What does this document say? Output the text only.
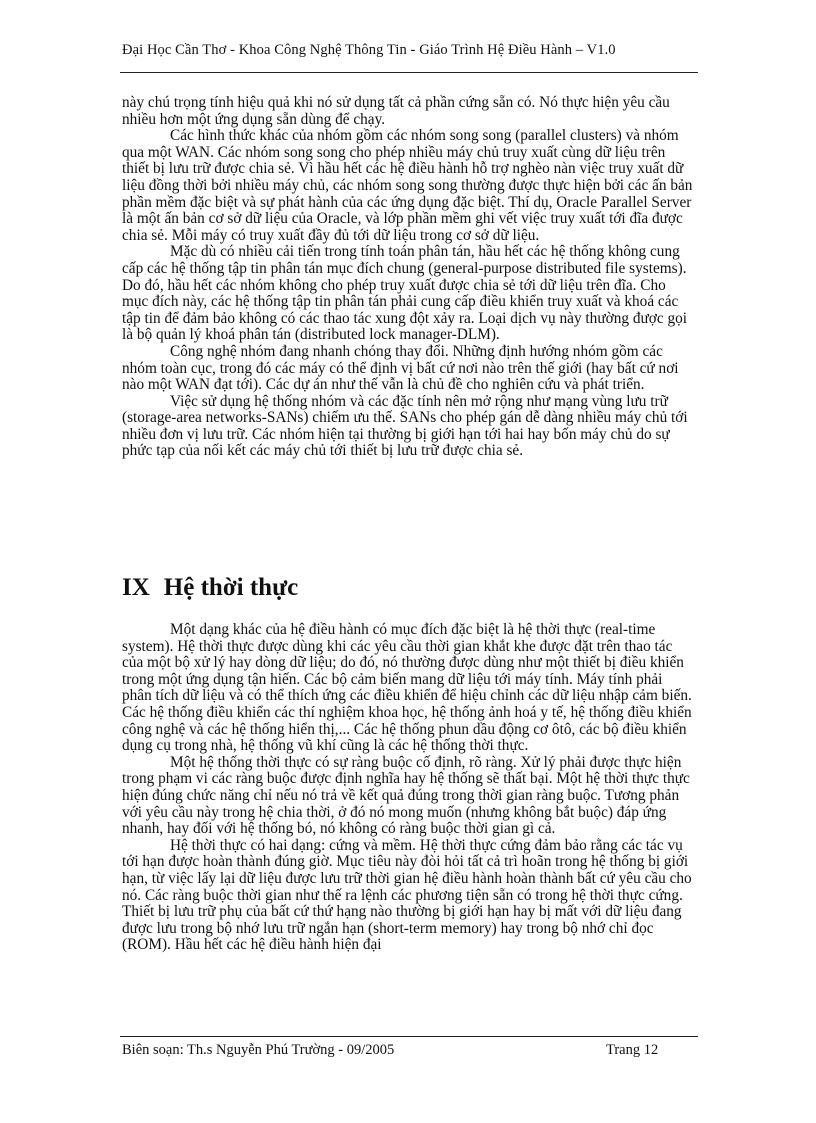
Đại Học Cần Thơ - Khoa Công Nghệ Thông Tin - Giáo Trình Hệ Điều Hành – V1.0

này chú trọng tính hiệu quả khi nó sử dụng tất cả phần cứng sẵn có. Nó thực hiện yêu cầu nhiều hơn một ứng dụng sẵn dùng để chạy.

Các hình thức khác của nhóm gồm các nhóm song song (parallel clusters) và nhóm qua một WAN. Các nhóm song song cho phép nhiều máy chủ truy xuất cùng dữ liệu trên thiết bị lưu trữ được chia sẻ. Vì hầu hết các hệ điều hành hỗ trợ nghèo nàn việc truy xuất dữ liệu đồng thời bởi nhiều máy chủ, các nhóm song song thường được thực hiện bởi các ấn bản phần mềm đặc biệt và sự phát hành của các ứng dụng đặc biệt. Thí dụ, Oracle Parallel Server là một ấn bản cơ sở dữ liệu của Oracle, và lớp phần mềm ghi vết việc truy xuất tới đĩa được chia sẻ. Mỗi máy có truy xuất đầy đủ tới dữ liệu trong cơ sở dữ liệu.

Mặc dù có nhiều cải tiến trong tính toán phân tán, hầu hết các hệ thống không cung cấp các hệ thống tập tin phân tán mục đích chung (general-purpose distributed file systems). Do đó, hầu hết các nhóm không cho phép truy xuất được chia sẻ tới dữ liệu trên đĩa. Cho mục đích này, các hệ thống tập tin phân tán phải cung cấp điều khiển truy xuất và khoá các tập tin để đảm bảo không có các thao tác xung đột xảy ra. Loại dịch vụ này thường được gọi là bộ quản lý khoá phân tán (distributed lock manager-DLM).

Công nghệ nhóm đang nhanh chóng thay đổi. Những định hướng nhóm gồm các nhóm toàn cục, trong đó các máy có thể định vị bất cứ nơi nào trên thế giới (hay bất cứ nơi nào một WAN đạt tới). Các dự án như thế vẫn là chủ đề cho nghiên cứu và phát triển.

Việc sử dụng hệ thống nhóm và các đặc tính nên mở rộng như mạng vùng lưu trữ (storage-area networks-SANs) chiếm ưu thế. SANs cho phép gán dễ dàng nhiều máy chủ tới nhiều đơn vị lưu trữ. Các nhóm hiện tại thường bị giới hạn tới hai hay bốn máy chủ do sự phức tạp của nối kết các máy chủ tới thiết bị lưu trữ được chia sẻ.

IX Hệ thời thực

Một dạng khác của hệ điều hành có mục đích đặc biệt là hệ thời thực (real-time system). Hệ thời thực được dùng khi các yêu cầu thời gian khắt khe được đặt trên thao tác của một bộ xử lý hay dòng dữ liệu; do đó, nó thường được dùng như một thiết bị điều khiển trong một ứng dụng tận hiến. Các bộ cảm biến mang dữ liệu tới máy tính. Máy tính phải phân tích dữ liệu và có thể thích ứng các điều khiển để hiệu chỉnh các dữ liệu nhập cảm biến. Các hệ thống điều khiển các thí nghiệm khoa học, hệ thống ảnh hoá y tế, hệ thống điều khiển công nghệ và các hệ thống hiển thị,... Các hệ thống phun dầu động cơ ôtô, các bộ điều khiển dụng cụ trong nhà, hệ thống vũ khí cũng là các hệ thống thời thực.

Một hệ thống thời thực có sự ràng buộc cố định, rõ ràng. Xử lý phải được thực hiện trong phạm vi các ràng buộc được định nghĩa hay hệ thống sẽ thất bại. Một hệ thời thực thực hiện đúng chức năng chỉ nếu nó trả về kết quả đúng trong thời gian ràng buộc. Tương phản với yêu cầu này trong hệ chia thời, ở đó nó mong muốn (nhưng không bắt buộc) đáp ứng nhanh, hay đối với hệ thống bó, nó không có ràng buộc thời gian gì cả.

Hệ thời thực có hai dạng: cứng và mềm. Hệ thời thực cứng đảm bảo rằng các tác vụ tới hạn được hoàn thành đúng giờ. Mục tiêu này đòi hỏi tất cả trì hoãn trong hệ thống bị giới hạn, từ việc lấy lại dữ liệu được lưu trữ thời gian hệ điều hành hoàn thành bất cứ yêu cầu cho nó. Các ràng buộc thời gian như thế ra lệnh các phương tiện sẵn có trong hệ thời thực cứng. Thiết bị lưu trữ phụ của bất cứ thứ hạng nào thường bị giới hạn hay bị mất với dữ liệu đang được lưu trong bộ nhớ lưu trữ ngắn hạn (short-term memory) hay trong bộ nhớ chỉ đọc (ROM). Hầu hết các hệ điều hành hiện đại

Biên soạn: Th.s Nguyễn Phú Trường - 09/2005	Trang 12
